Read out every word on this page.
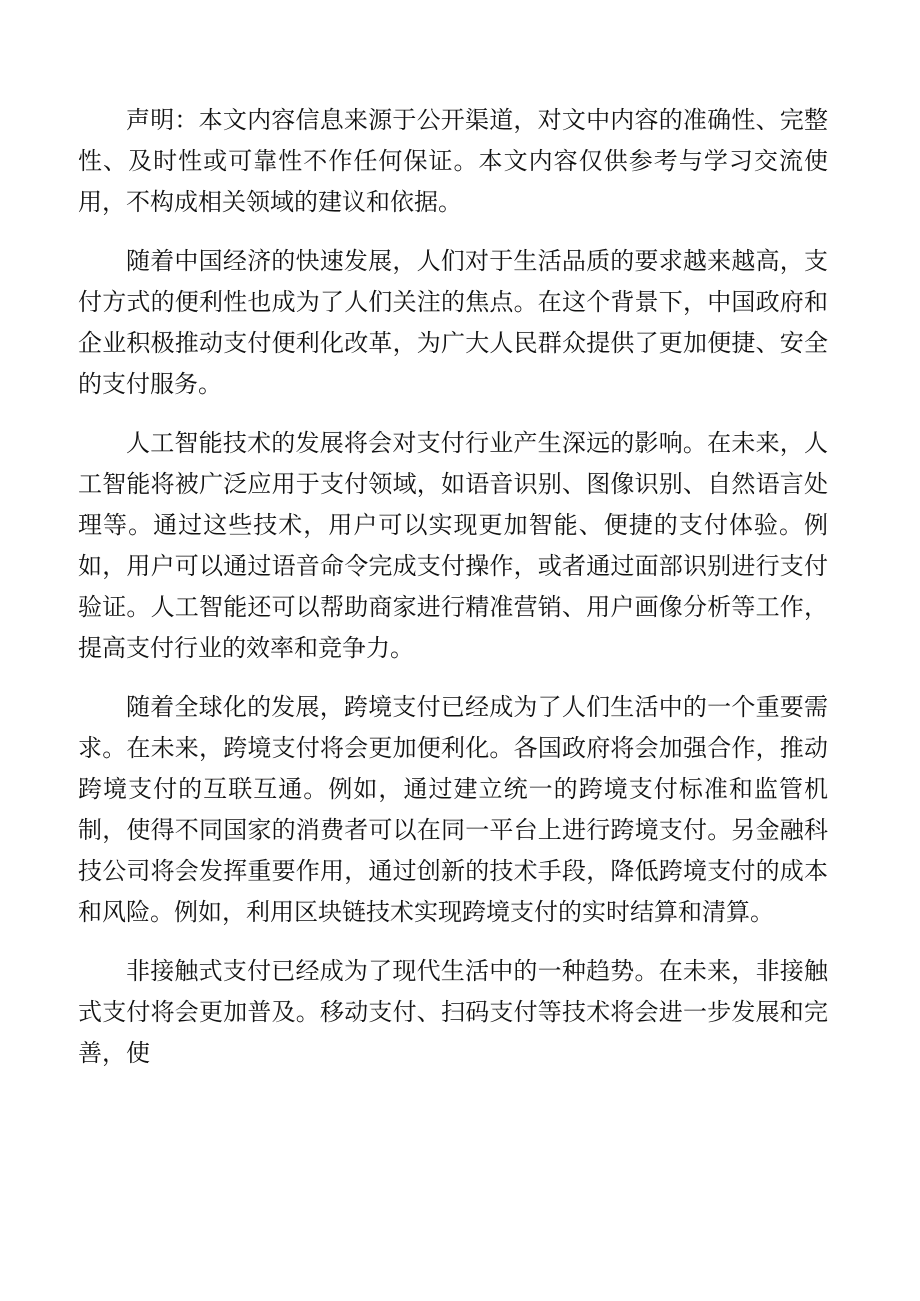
声明：本文内容信息来源于公开渠道，对文中内容的准确性、完整性、及时性或可靠性不作任何保证。本文内容仅供参考与学习交流使用，不构成相关领域的建议和依据。

随着中国经济的快速发展，人们对于生活品质的要求越来越高，支付方式的便利性也成为了人们关注的焦点。在这个背景下，中国政府和企业积极推动支付便利化改革，为广大人民群众提供了更加便捷、安全的支付服务。

人工智能技术的发展将会对支付行业产生深远的影响。在未来，人工智能将被广泛应用于支付领域，如语音识别、图像识别、自然语言处理等。通过这些技术，用户可以实现更加智能、便捷的支付体验。例如，用户可以通过语音命令完成支付操作，或者通过面部识别进行支付验证。人工智能还可以帮助商家进行精准营销、用户画像分析等工作，提高支付行业的效率和竞争力。

随着全球化的发展，跨境支付已经成为了人们生活中的一个重要需求。在未来，跨境支付将会更加便利化。各国政府将会加强合作，推动跨境支付的互联互通。例如，通过建立统一的跨境支付标准和监管机制，使得不同国家的消费者可以在同一平台上进行跨境支付。另金融科技公司将会发挥重要作用，通过创新的技术手段，降低跨境支付的成本和风险。例如，利用区块链技术实现跨境支付的实时结算和清算。

非接触式支付已经成为了现代生活中的一种趋势。在未来，非接触式支付将会更加普及。移动支付、扫码支付等技术将会进一步发展和完善，使
